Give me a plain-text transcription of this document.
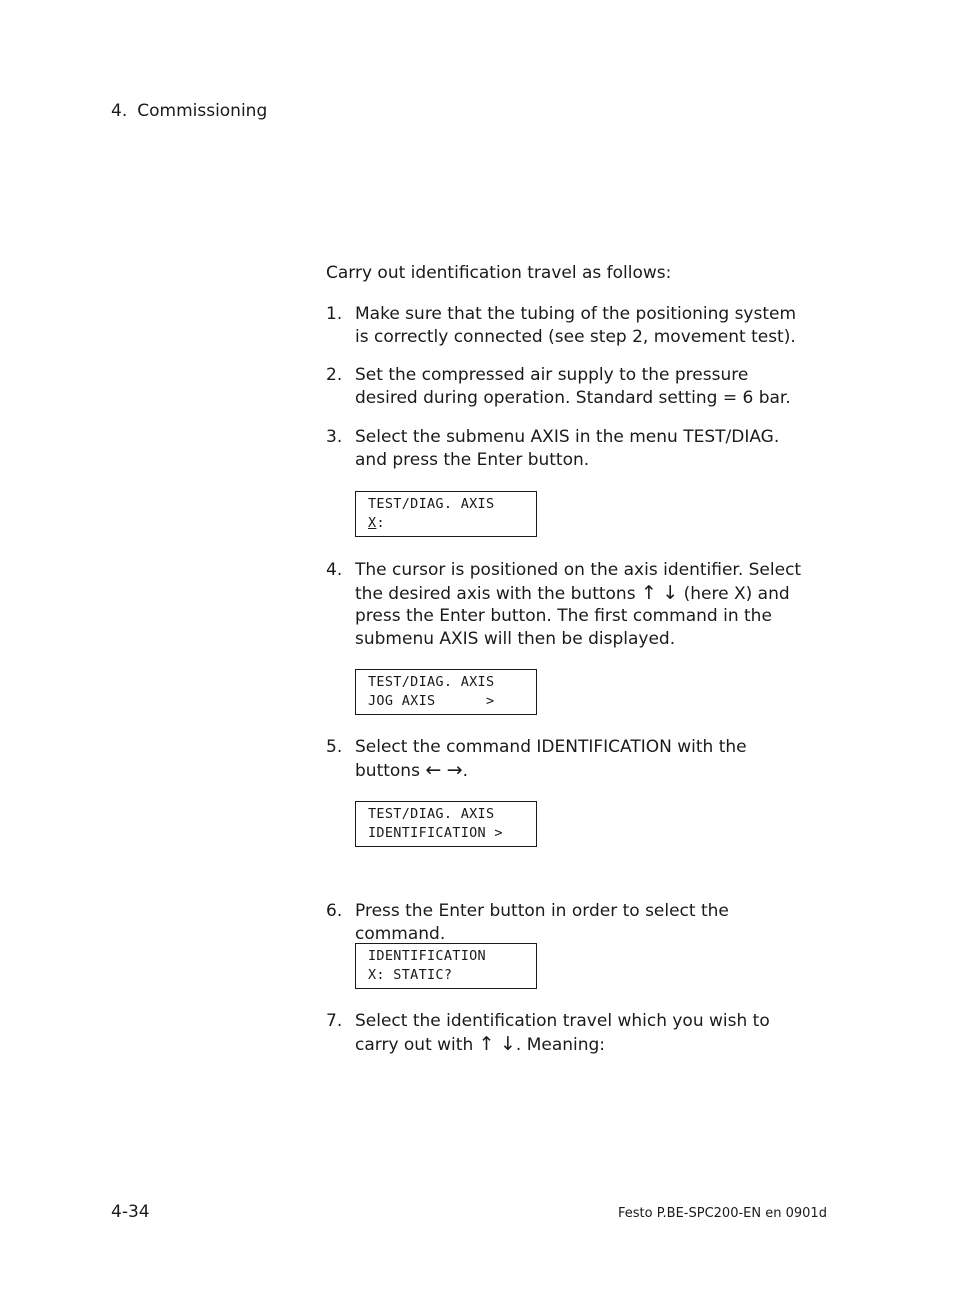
4. Commissioning
Carry out identification travel as follows:
1. Make sure that the tubing of the positioning system is correctly connected (see step 2, movement test).
2. Set the compressed air supply to the pressure desired during operation. Standard setting = 6 bar.
3. Select the submenu AXIS in the menu TEST/DIAG. and press the Enter button.
TEST/DIAG. AXIS
X:
4. The cursor is positioned on the axis identifier. Select the desired axis with the buttons ↑ ↓ (here X) and press the Enter button. The first command in the submenu AXIS will then be displayed.
TEST/DIAG. AXIS
JOG AXIS      >
5. Select the command IDENTIFICATION with the buttons ← →.
TEST/DIAG. AXIS
IDENTIFICATION >
6. Press the Enter button in order to select the command.
IDENTIFICATION
X: STATIC?
7. Select the identification travel which you wish to carry out with ↑ ↓. Meaning:
4-34	Festo P.BE-SPC200-EN en 0901d
